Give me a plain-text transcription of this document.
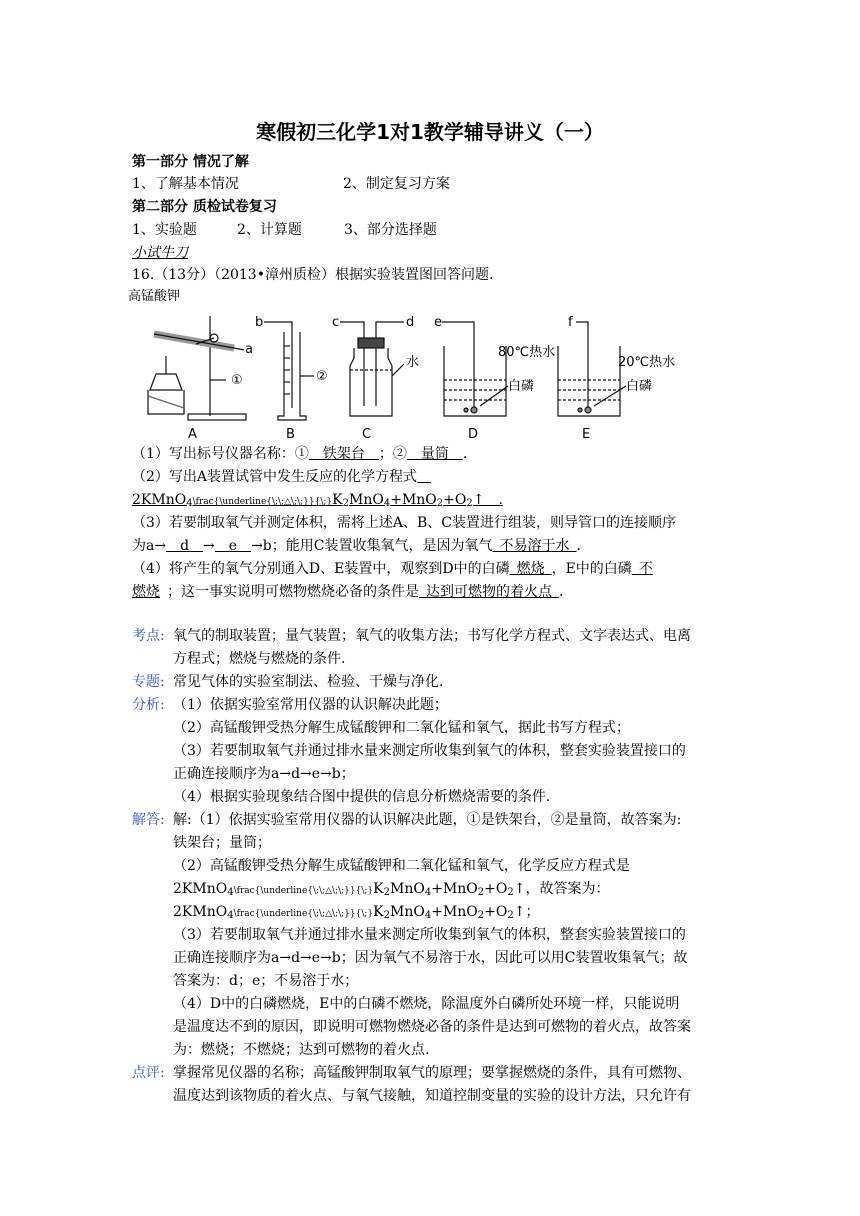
寒假初三化学1对1教学辅导讲义（一）
第一部分 情况了解
1、了解基本情况	2、制定复习方案
第二部分 质检试卷复习
1、实验题	2、计算题	3、部分选择题
小试牛刀
16.（13分）（2013•漳州质检）根据实验装置图回答问题.
高锰酸钾
a
①
A
b
②
B
c	d
水
C
e
80℃热水
白磷
D
f
20℃热水
白磷
E
（1）写出标号仪器名称：①  铁架台  ；②  量筒  .
（2）写出A装置试管中发生反应的化学方程式 
$2KMnO_4\backslash frac\{\backslash underline\{\backslash;\backslash;\triangle\backslash;\backslash;\}\}\{\backslash;\}K_2MnO_4+MnO_2+O_2↑$  .
（3）若要制取氧气并测定体积，需将上述A、B、C装置进行组装，则导管口的连接顺序
为a→  d  →  e  →b；能用C装置收集氧气，是因为氧气  不易溶于水  .
（4）将产生的氧气分别通入D、E装置中，观察到D中的白磷  燃烧  ，E中的白磷  不
燃烧  ；这一事实说明可燃物燃烧必备的条件是  达到可燃物的着火点  .
考点: 氧气的制取装置；量气装置；氧气的收集方法；书写化学方程式、文字表达式、电离
方程式；燃烧与燃烧的条件.
专题: 常见气体的实验室制法、检验、干燥与净化.
分析: （1）依据实验室常用仪器的认识解决此题；
（2）高锰酸钾受热分解生成锰酸钾和二氧化锰和氧气，据此书写方程式；
（3）若要制取氧气并通过排水量来测定所收集到氧气的体积，整套实验装置接口的
正确连接顺序为a→d→e→b；
（4）根据实验现象结合图中提供的信息分析燃烧需要的条件.
解答: 解:（1）依据实验室常用仪器的认识解决此题，①是铁架台，②是量筒，故答案为:
铁架台；量筒；
（2）高锰酸钾受热分解生成锰酸钾和二氧化锰和氧气，化学反应方程式是
$2KMnO_4\backslash frac\{\backslash underline\{\backslash;\backslash;\triangle\backslash;\backslash;\}\}\{\backslash;\}K_2MnO_4+MnO_2+O_2↑$，故答案为：
$2KMnO_4\backslash frac\{\backslash underline\{\backslash;\backslash;\triangle\backslash;\backslash;\}\}\{\backslash;\}K_2MnO_4+MnO_2+O_2↑$；
（3）若要制取氧气并通过排水量来测定所收集到氧气的体积，整套实验装置接口的
正确连接顺序为a→d→e→b；因为氧气不易溶于水，因此可以用C装置收集氧气；故
答案为：d；e；不易溶于水；
（4）D中的白磷燃烧，E中的白磷不燃烧，除温度外白磷所处环境一样，只能说明
是温度达不到的原因，即说明可燃物燃烧必备的条件是达到可燃物的着火点，故答案
为：燃烧；不燃烧；达到可燃物的着火点.
点评: 掌握常见仪器的名称；高锰酸钾制取氧气的原理；要掌握燃烧的条件，具有可燃物、
温度达到该物质的着火点、与氧气接触，知道控制变量的实验的设计方法，只允许有
